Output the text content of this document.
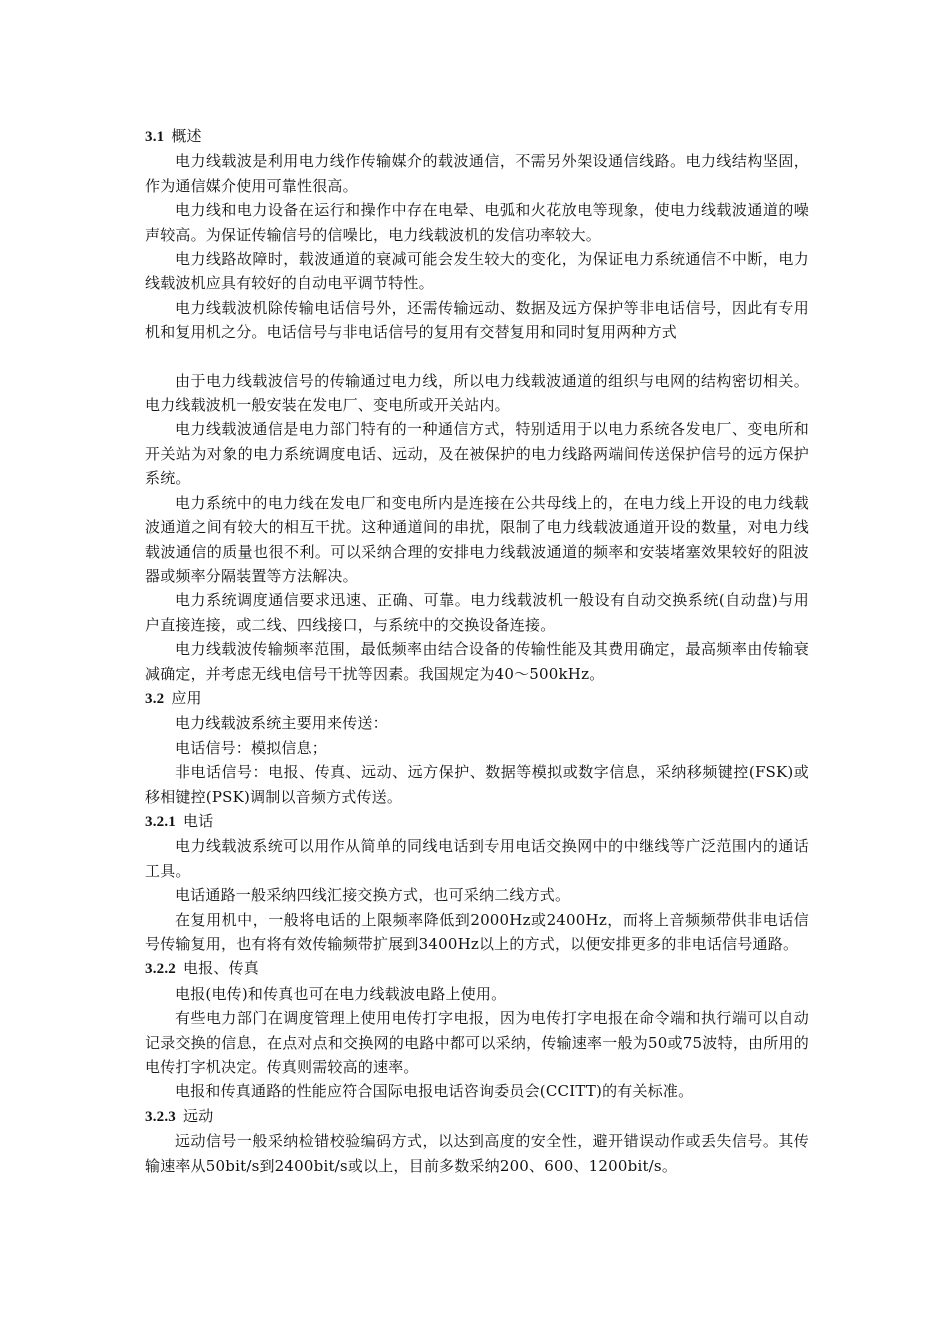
3.1 概述

电力线载波是利用电力线作传输媒介的载波通信，不需另外架设通信线路。电力线结构坚固，作为通信媒介使用可靠性很高。

电力线和电力设备在运行和操作中存在电晕、电弧和火花放电等现象，使电力线载波通道的噪声较高。为保证传输信号的信噪比，电力线载波机的发信功率较大。

电力线路故障时，载波通道的衰减可能会发生较大的变化，为保证电力系统通信不中断，电力线载波机应具有较好的自动电平调节特性。

电力线载波机除传输电话信号外，还需传输远动、数据及远方保护等非电话信号，因此有专用机和复用机之分。电话信号与非电话信号的复用有交替复用和同时复用两种方式

由于电力线载波信号的传输通过电力线，所以电力线载波通道的组织与电网的结构密切相关。电力线载波机一般安装在发电厂、变电所或开关站内。

电力线载波通信是电力部门特有的一种通信方式，特别适用于以电力系统各发电厂、变电所和开关站为对象的电力系统调度电话、远动，及在被保护的电力线路两端间传送保护信号的远方保护系统。

电力系统中的电力线在发电厂和变电所内是连接在公共母线上的，在电力线上开设的电力线载波通道之间有较大的相互干扰。这种通道间的串扰，限制了电力线载波通道开设的数量，对电力线载波通信的质量也很不利。可以采纳合理的安排电力线载波通道的频率和安装堵塞效果较好的阻波器或频率分隔装置等方法解决。

电力系统调度通信要求迅速、正确、可靠。电力线载波机一般设有自动交换系统(自动盘)与用户直接连接，或二线、四线接口，与系统中的交换设备连接。

电力线载波传输频率范围，最低频率由结合设备的传输性能及其费用确定，最高频率由传输衰减确定，并考虑无线电信号干扰等因素。我国规定为40～500kHz。

3.2 应用

电力线载波系统主要用来传送：

电话信号：模拟信息；

非电话信号：电报、传真、远动、远方保护、数据等模拟或数字信息，采纳移频键控(FSK)或移相键控(PSK)调制以音频方式传送。

3.2.1 电话

电力线载波系统可以用作从简单的同线电话到专用电话交换网中的中继线等广泛范围内的通话工具。

电话通路一般采纳四线汇接交换方式，也可采纳二线方式。

在复用机中，一般将电话的上限频率降低到2000Hz或2400Hz，而将上音频频带供非电话信号传输复用，也有将有效传输频带扩展到3400Hz以上的方式，以便安排更多的非电话信号通路。

3.2.2 电报、传真

电报(电传)和传真也可在电力线载波电路上使用。

有些电力部门在调度管理上使用电传打字电报，因为电传打字电报在命令端和执行端可以自动记录交换的信息，在点对点和交换网的电路中都可以采纳，传输速率一般为50或75波特，由所用的电传打字机决定。传真则需较高的速率。

电报和传真通路的性能应符合国际电报电话咨询委员会(CCITT)的有关标准。

3.2.3 远动

远动信号一般采纳检错校验编码方式，以达到高度的安全性，避开错误动作或丢失信号。其传输速率从50bit/s到2400bit/s或以上，目前多数采纳200、600、1200bit/s。
